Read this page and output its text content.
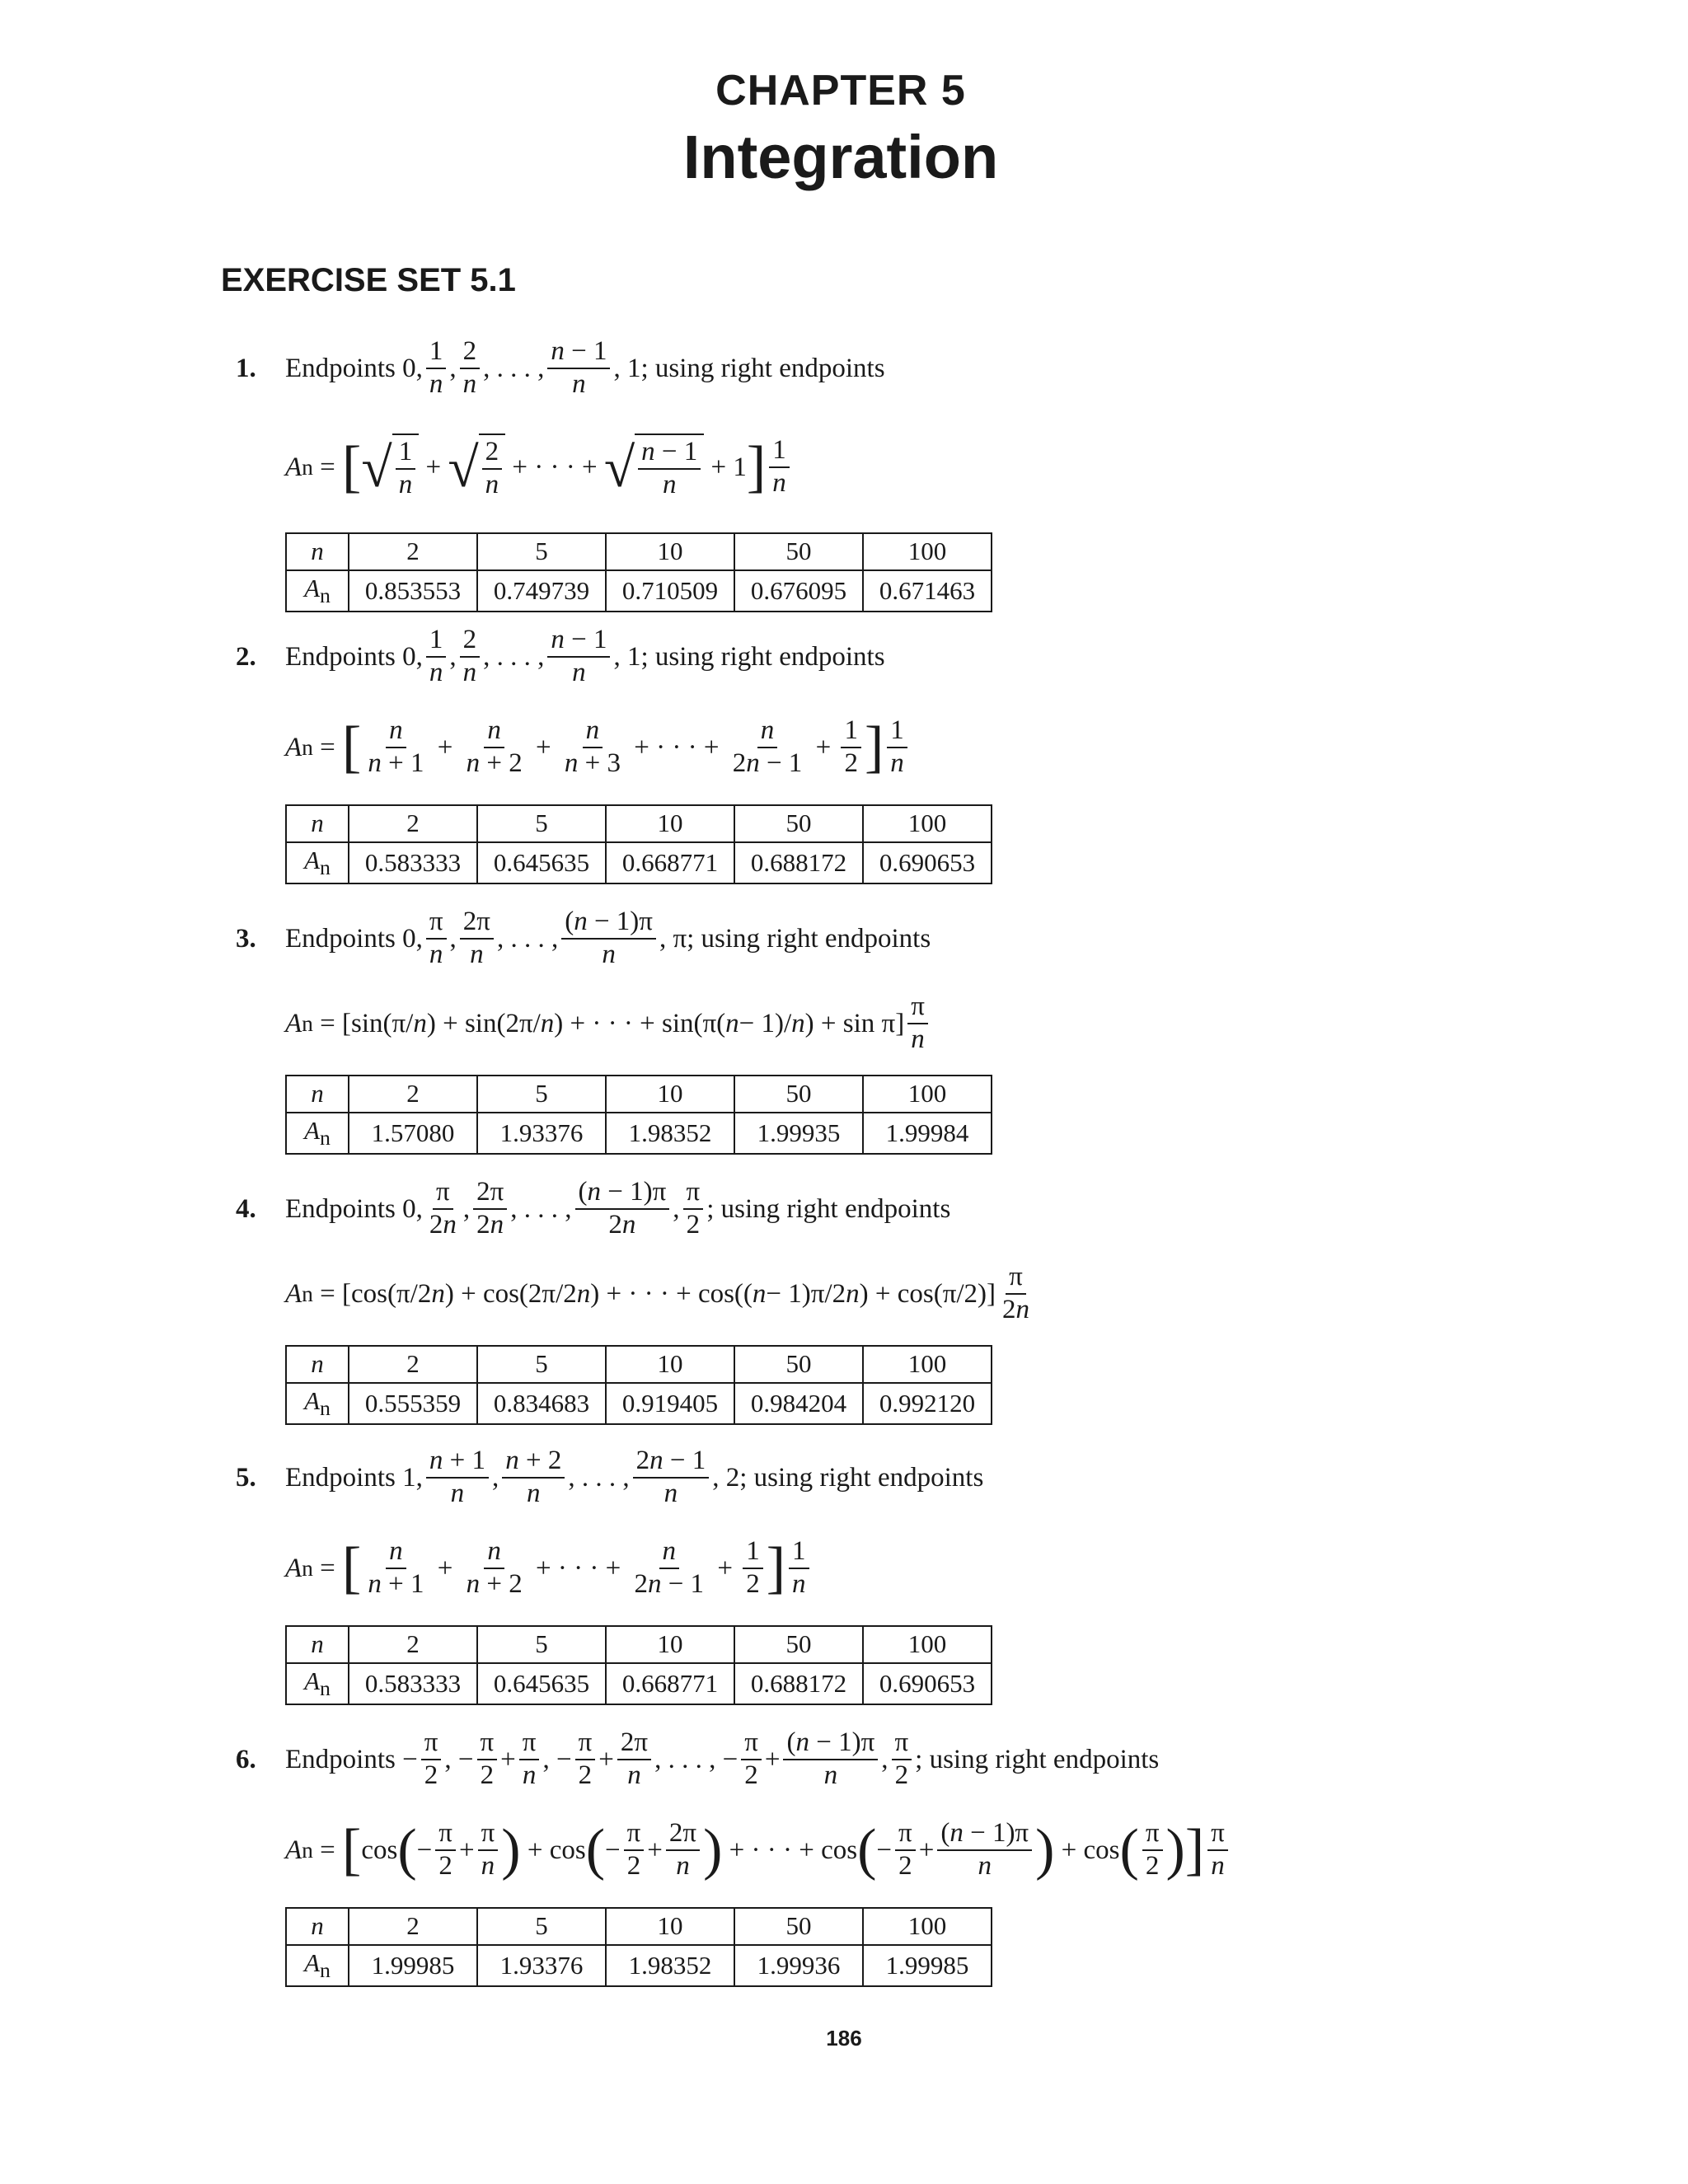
CHAPTER 5
Integration
EXERCISE SET 5.1
1.	Endpoints 0, $\frac{1}{n}$ , $\frac{2}{n}$ , . . . , $\frac{n - 1}{n}$ , 1; using right endpoints
A n = [ √ $\frac{1}{n}$ + √ $\frac{2}{n}$ + · · · + √ $\frac{n - 1}{n} + 1$ ] $\frac{1}{n}$
n	2	5	10	50	100
$A_n$	0.853553	0.749739	0.710509	0.676095	0.671463
2.	Endpoints 0, $\frac{1}{n}$ , $\frac{2}{n}$ , . . . , $\frac{n - 1}{n}$ , 1; using right endpoints
A n = [ $\frac{n}{n + 1} + \frac{n}{n + 2} + \frac{n}{n + 3}$ + · · · + $\frac{n}{2n - 1} + \frac{1}{2}$ ] $\frac{1}{n}$
n	2	5	10	50	100
$A_n$	0.583333	0.645635	0.668771	0.688172	0.690653
3.	Endpoints 0, $\frac{\pi}{n}$ , $\frac{2\pi}{n}$ , . . . , $\frac{(n - 1)\pi}{n}$ , π; using right endpoints
A n = [sin(π/ n ) + sin(2π/ n ) + · · · + sin(π( n − 1)/ n ) + $\sin \pi] \frac{\pi}{n}$
n	2	5	10	50	100
$A_n$	1.57080	1.93376	1.98352	1.99935	1.99984
4.	Endpoints 0, $\frac{\pi}{2n}$ , $\frac{2\pi}{2n}$ , . . . , $\frac{(n - 1)\pi}{2n}$ , $\frac{\pi}{2}$ ; using right endpoints
A n = [cos(π/2 n ) + cos(2π/2 n ) + · · · + cos(( n − 1)π/2 n ) + $\cos(\pi/2)] \frac{\pi}{2n}$
n	2	5	10	50	100
$A_n$	0.555359	0.834683	0.919405	0.984204	0.992120
5.	Endpoints 1, $\frac{n + 1}{n}$ , $\frac{n + 2}{n}$ , . . . , $\frac{2n - 1}{n}$ , 2; using right endpoints
A n = [ $\frac{n}{n + 1} + \frac{n}{n + 2}$ + · · · + $\frac{n}{2n - 1} + \frac{1}{2}$ ] $\frac{1}{n}$
n	2	5	10	50	100
$A_n$	0.583333	0.645635	0.668771	0.688172	0.690653
6.	Endpoints − $\frac{\pi}{2}$ , − $\frac{\pi}{2} + \frac{\pi}{n}$ , − $\frac{\pi}{2} + \frac{2\pi}{n}$ , . . . , − $\frac{\pi}{2} + \frac{(n - 1)\pi}{n}$ , $\frac{\pi}{2}$ ; using right endpoints
A n = [ cos ( − $\frac{\pi}{2} + \frac{\pi}{n}$ ) + cos ( − $\frac{\pi}{2} + \frac{2\pi}{n}$ ) + · · · + cos ( − $\frac{\pi}{2} + \frac{(n - 1)\pi}{n}$ ) + cos ( $\frac{\pi}{2}$ ) ] $\frac{\pi}{n}$
n	2	5	10	50	100
$A_n$	1.99985	1.93376	1.98352	1.99936	1.99985
186
